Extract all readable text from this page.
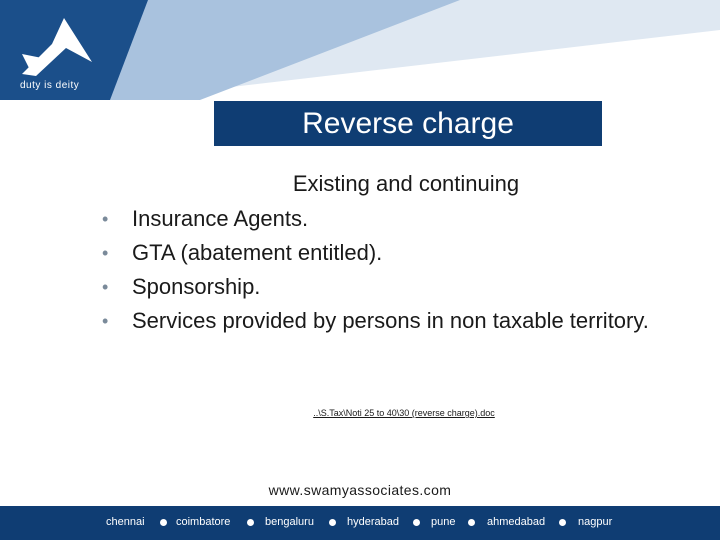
duty is deity
Reverse charge
Existing and continuing
• Insurance Agents.
• GTA (abatement entitled).
• Sponsorship.
• Services provided by persons in non taxable territory.
..\S.Tax\Noti 25 to 40\30 (reverse charge).doc
www.swamyassociates.com
chennai	coimbatore	bengaluru	hyderabad	pune	ahmedabad	nagpur
